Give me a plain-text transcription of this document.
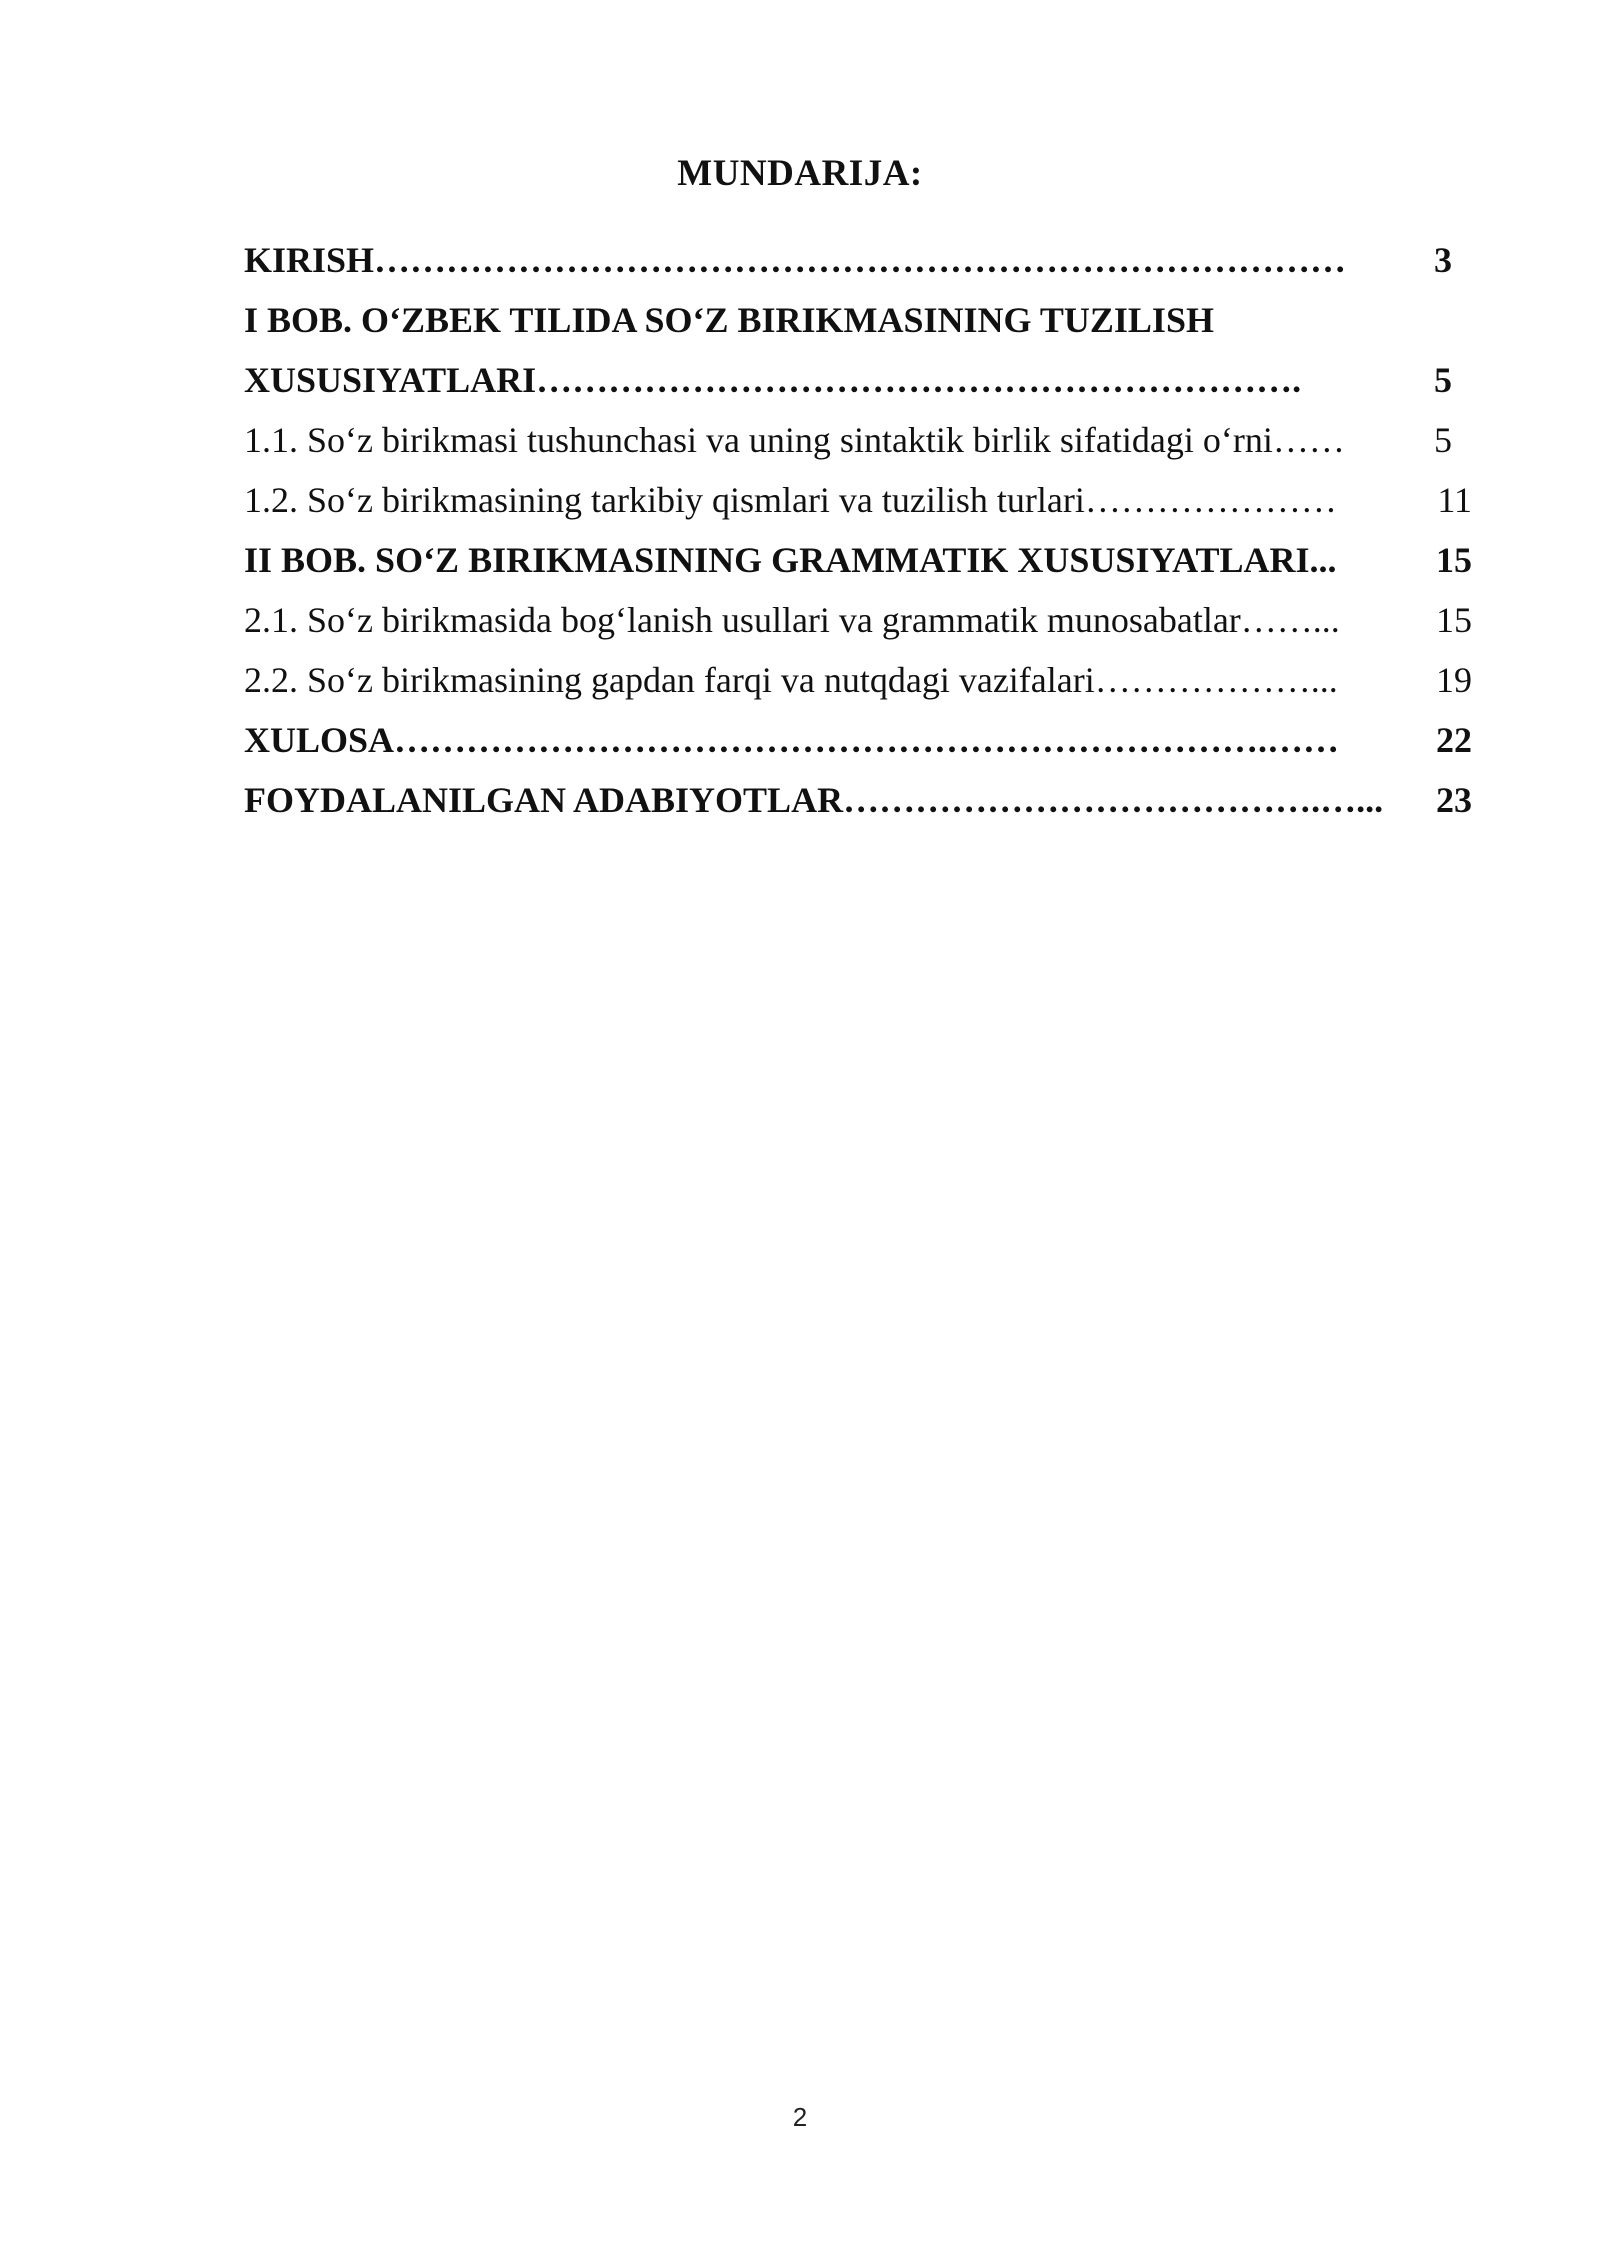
MUNDARIJA:
KIRISH……………………………………………………………………… 3
I BOB. O‘ZBEK TILIDA SO‘Z BIRIKMASINING TUZILISH
XUSUSIYATLARI……………………………………………………….	5
1.1. So‘z birikmasi tushunchasi va uning sintaktik birlik sifatidagi o‘rni…… 5
1.2. So‘z birikmasining tarkibiy qismlari va tuzilish turlari…………………	11
II BOB. SO‘Z BIRIKMASINING GRAMMATIK XUSUSIYATLARI...	15
2.1. So‘z birikmasida bog‘lanish usullari va grammatik munosabatlar……...	15
2.2. So‘z birikmasining gapdan farqi va nutqdagi vazifalari………………...	19
XULOSA……………………………………………………………….……	22
FOYDALANILGAN ADABIYOTLAR………………………………….…... 23
2
